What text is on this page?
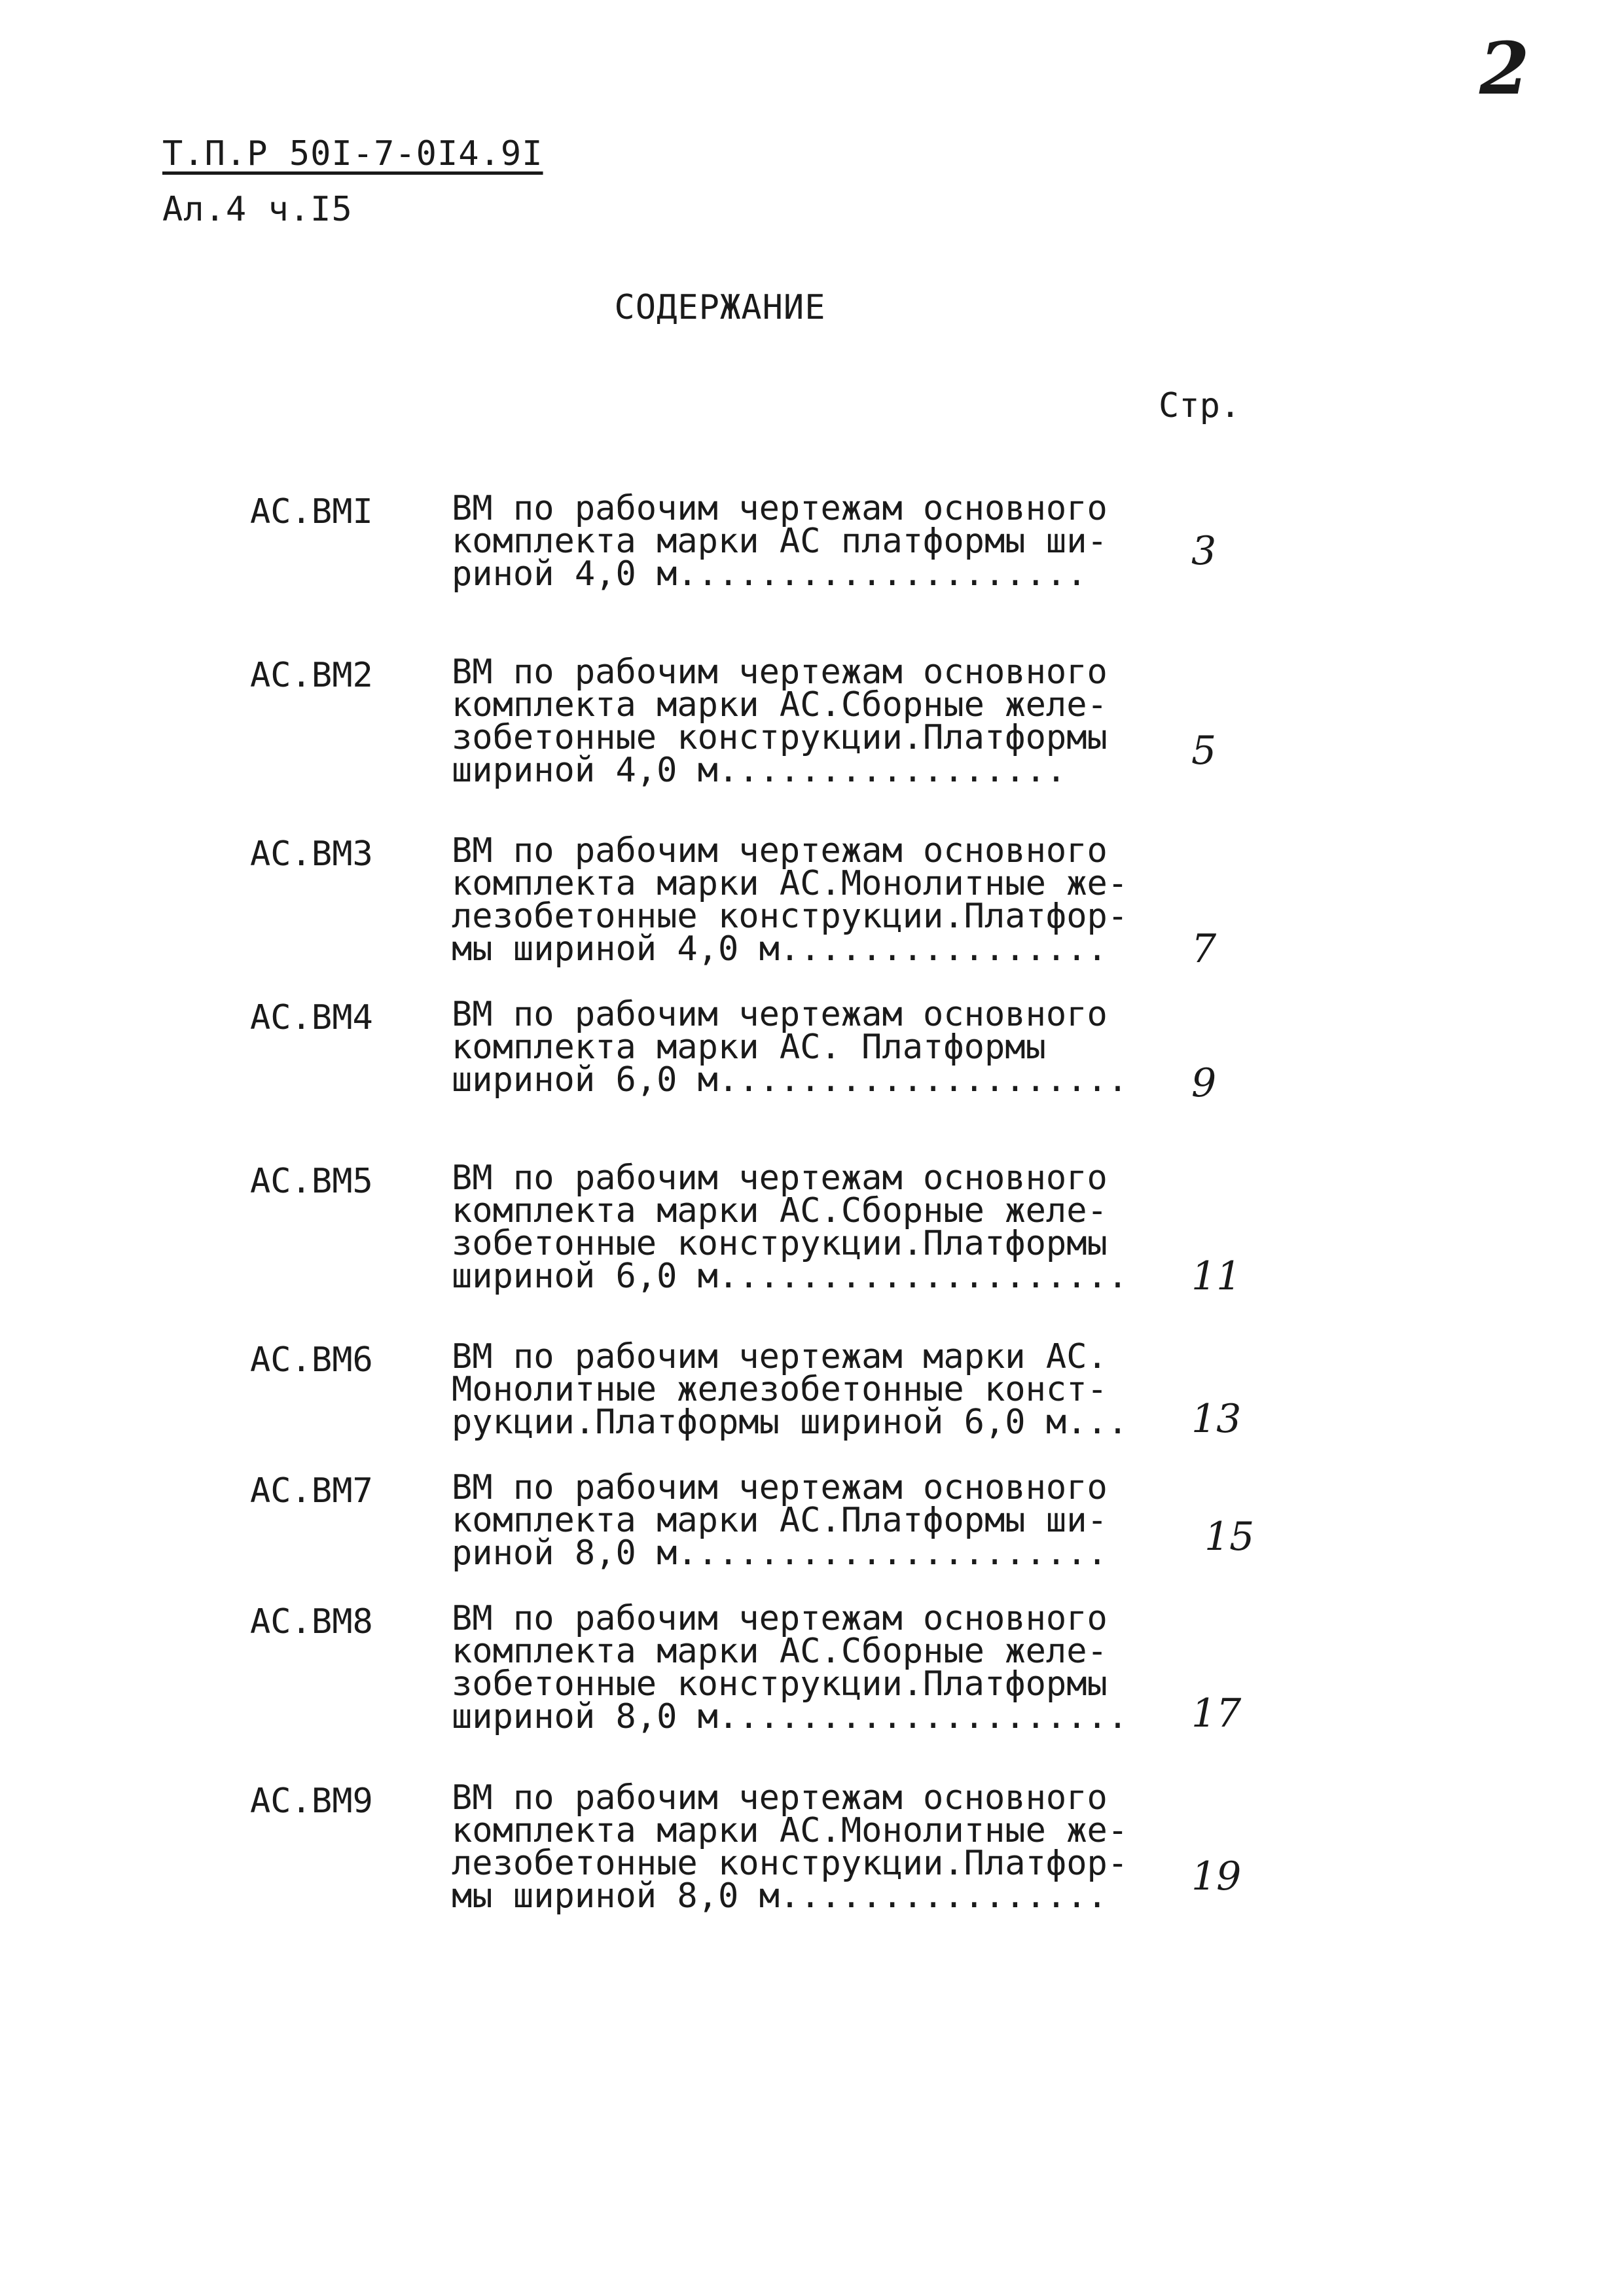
2
Т.П.Р 50I-7-0I4.9I
Ал.4 ч.I5
СОДЕРЖАНИЕ
Стр.
АС.ВМI ВМ по рабочим чертежам основного
комплекта марки АС платформы ши-
риной 4,0 м....................	3
АС.ВМ2 ВМ по рабочим чертежам основного
комплекта марки АС.Сборные желе-
зобетонные конструкции.Платформы
шириной 4,0 м.................	5
АС.ВМ3 ВМ по рабочим чертежам основного
комплекта марки АС.Монолитные же-
лезобетонные конструкции.Платфор-
мы шириной 4,0 м................	7
АС.ВМ4 ВМ по рабочим чертежам основного
комплекта марки АС. Платформы
шириной 6,0 м....................	9
АС.ВМ5 ВМ по рабочим чертежам основного
комплекта марки АС.Сборные желе-
зобетонные конструкции.Платформы
шириной 6,0 м....................	11
АС.ВМ6 ВМ по рабочим чертежам марки АС.
Монолитные железобетонные конст-
рукции.Платформы шириной 6,0 м...	13
АС.ВМ7 ВМ по рабочим чертежам основного
комплекта марки АС.Платформы ши-
риной 8,0 м.....................	15
АС.ВМ8 ВМ по рабочим чертежам основного
комплекта марки АС.Сборные желе-
зобетонные конструкции.Платформы
шириной 8,0 м....................	17
АС.ВМ9 ВМ по рабочим чертежам основного
комплекта марки АС.Монолитные же-
лезобетонные конструкции.Платфор-
мы шириной 8,0 м................	19
